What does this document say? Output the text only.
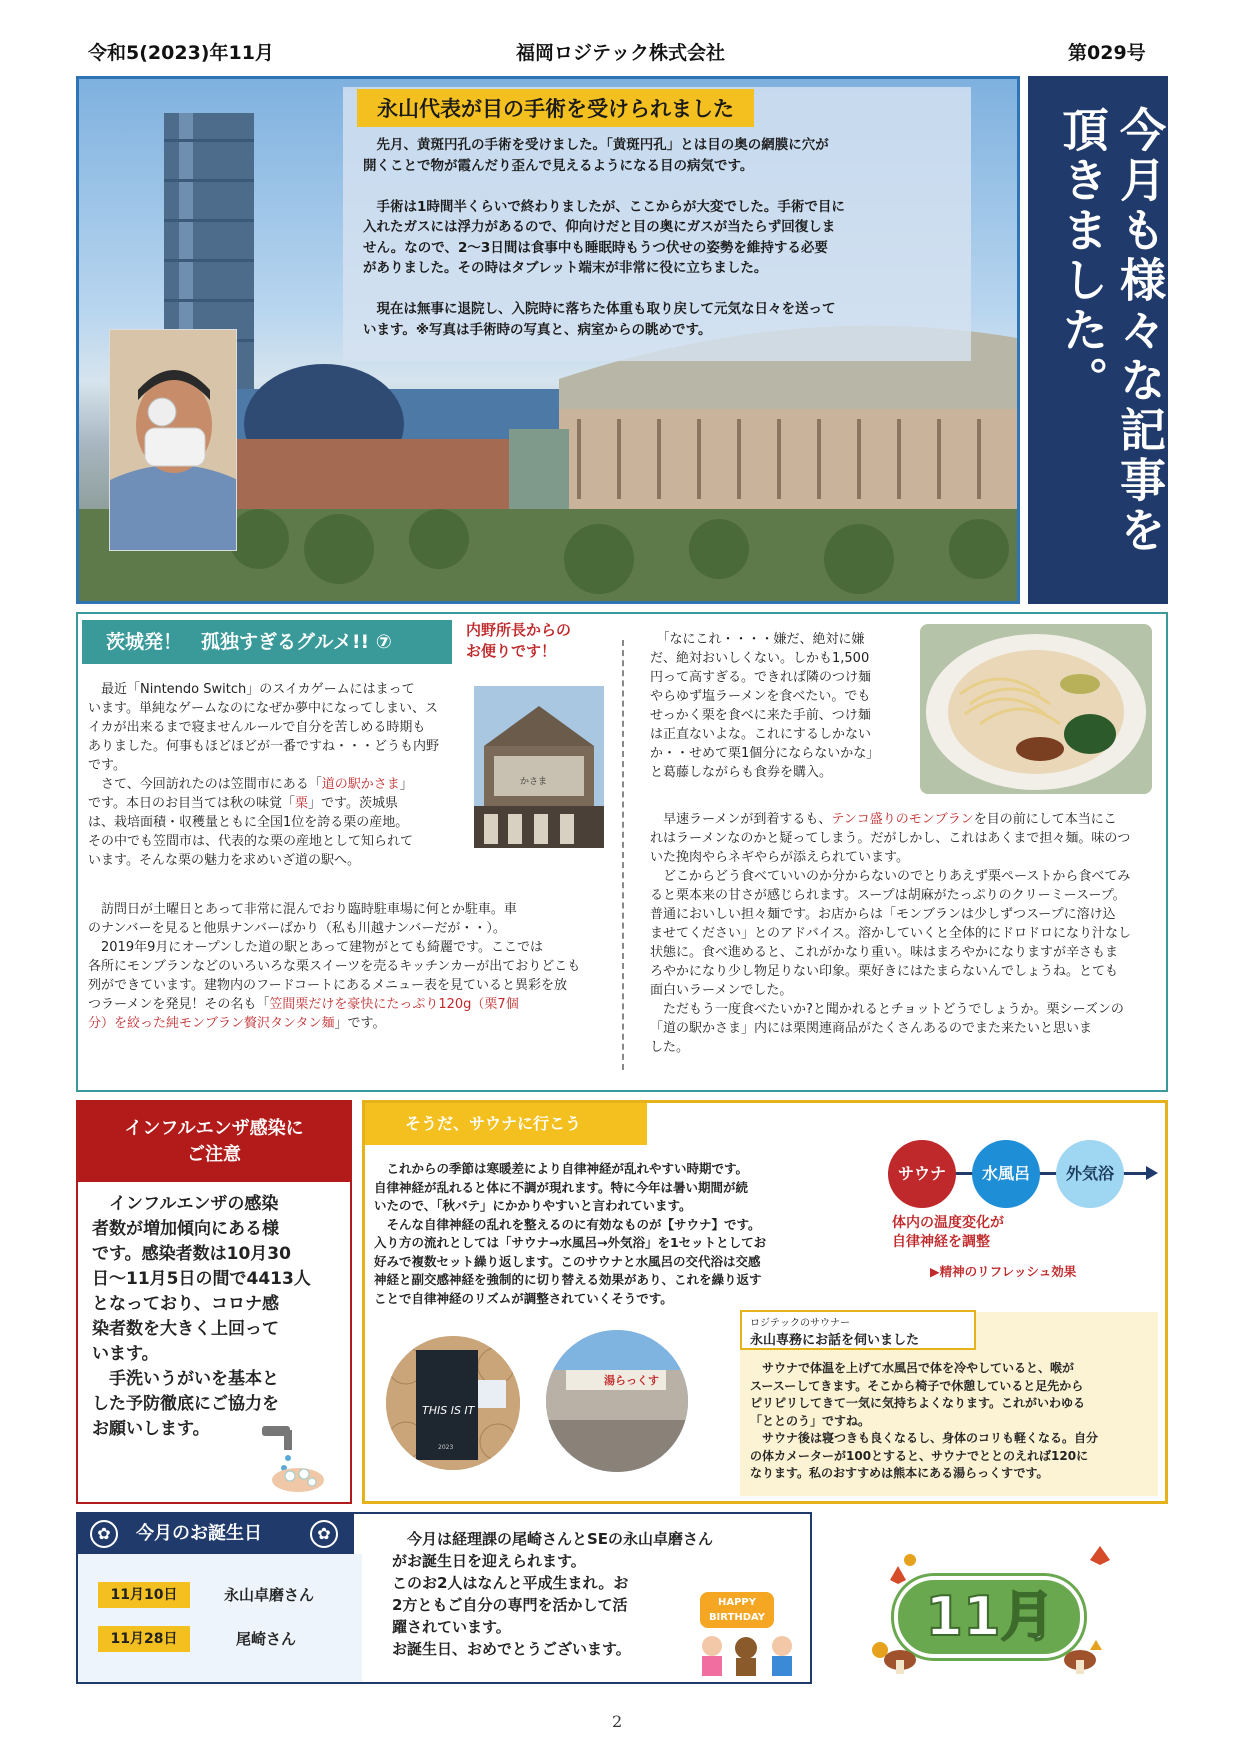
令和5(2023)年11月	福岡ロジテック株式会社	第029号
永山代表が目の手術を受けられました

　先月、黄斑円孔の手術を受けました。「黄斑円孔」とは目の奥の網膜に穴が
開くことで物が霞んだり歪んで見えるようになる目の病気です。

　手術は1時間半くらいで終わりましたが、ここからが大変でした。手術で目に
入れたガスには浮力があるので、仰向けだと目の奥にガスが当たらず回復しま
せん。なので、2～3日間は食事中も睡眠時もうつ伏せの姿勢を維持する必要
がありました。その時はタブレット端末が非常に役に立ちました。

　現在は無事に退院し、入院時に落ちた体重も取り戻して元気な日々を送って
います。※写真は手術時の写真と、病室からの眺めです。	今月も様々な記事を頂きました。
茨城発！　孤独すぎるグルメ!! ⑦

内野所長からの
お便りです！

　最近「Nintendo Switch」のスイカゲームにはまって
います。単純なゲームなのになぜか夢中になってしまい、ス
イカが出来るまで寝ませんルールで自分を苦しめる時期も
ありました。何事もほどほどが一番ですね・・・どうも内野
です。

　さて、今回訪れたのは笠間市にある「道の駅かさま」
です。本日のお目当ては秋の味覚「栗」です。茨城県
は、栽培面積・収穫量ともに全国1位を誇る栗の産地。
その中でも笠間市は、代表的な栗の産地として知られて
います。そんな栗の魅力を求めいざ道の駅へ。

かさま

　訪問日が土曜日とあって非常に混んでおり臨時駐車場に何とか駐車。車
のナンバーを見ると他県ナンバーばかり（私も川越ナンバーだが・・）。
　2019年9月にオープンした道の駅とあって建物がとても綺麗です。ここでは
各所にモンブランなどのいろいろな栗スイーツを売るキッチンカーが出ておりどこも
列ができています。建物内のフードコートにあるメニュー表を見ていると異彩を放
つラーメンを発見！その名も「笠間栗だけを豪快にたっぷり120g（栗7個
分）を絞った純モンブラン贅沢タンタン麺」です。

　「なにこれ・・・・嫌だ、絶対に嫌
だ、絶対おいしくない。しかも1,500
円って高すぎる。できれば隣のつけ麺
やらゆず塩ラーメンを食べたい。でも
せっかく栗を食べに来た手前、つけ麺
は正直ないよな。これにするしかない
か・・せめて栗1個分にならないかな」
と葛藤しながらも食券を購入。

　早速ラーメンが到着するも、テンコ盛りのモンブランを目の前にして本当にこ
れはラーメンなのかと疑ってしまう。だがしかし、これはあくまで担々麺。味のつ
いた挽肉やらネギやらが添えられています。
　どこからどう食べていいのか分からないのでとりあえず栗ペーストから食べてみ
ると栗本来の甘さが感じられます。スープは胡麻がたっぷりのクリーミースープ。
普通においしい担々麺です。お店からは「モンブランは少しずつスープに溶け込
ませてください」とのアドバイス。溶かしていくと全体的にドロドロになり汁なし
状態に。食べ進めると、これがかなり重い。味はまろやかになりますが辛さもま
ろやかになり少し物足りない印象。栗好きにはたまらないんでしょうね。とても
面白いラーメンでした。
　ただもう一度食べたいか?と聞かれるとチョットどうでしょうか。栗シーズンの
「道の駅かさま」内には栗関連商品がたくさんあるのでまた来たいと思いま
した。

インフルエンザ感染に
ご注意

　インフルエンザの感染
者数が増加傾向にある様
です。感染者数は10月30
日～11月5日の間で4413人
となっており、コロナ感
染者数を大きく上回って
います。
　手洗いうがいを基本と
した予防徹底にご協力を
お願いします。

そうだ、サウナに行こう

　これからの季節は寒暖差により自律神経が乱れやすい時期です。
自律神経が乱れると体に不調が現れます。特に今年は暑い期間が続
いたので、「秋バテ」にかかりやすいと言われています。
　そんな自律神経の乱れを整えるのに有効なものが【サウナ】です。
入り方の流れとしては「サウナ→水風呂→外気浴」を1セットとしてお
好みで複数セット繰り返します。このサウナと水風呂の交代浴は交感
神経と副交感神経を強制的に切り替える効果があり、これを繰り返す
ことで自律神経のリズムが調整されていくそうです。

サウナ	水風呂	外気浴

体内の温度変化が
自律神経を調整

▶精神のリフレッシュ効果
THIS IS IT
2023
湯らっくす
ロジテックのサウナー
永山専務にお話を伺いました

　サウナで体温を上げて水風呂で体を冷やしていると、喉が
スースーしてきます。そこから椅子で休憩していると足先から
ピリピリしてきて一気に気持ちよくなります。これがいわゆる
「ととのう」ですね。
　サウナ後は寝つきも良くなるし、身体のコリも軽くなる。自分
の体カメーターが100とすると、サウナでととのえれば120に
なります。私のおすすめは熊本にある湯らっくすです。

✿	今月のお誕生日	✿
11月10日	永山卓磨さん
11月28日	尾崎さん

　今月は経理課の尾崎さんとSEの永山卓磨さん
がお誕生日を迎えられます。
このお2人はなんと平成生まれ。お
2方ともご自分の専門を活かして活
躍されています。
お誕生日、おめでとうございます。

HAPPY
BIRTHDAY	11月
2
